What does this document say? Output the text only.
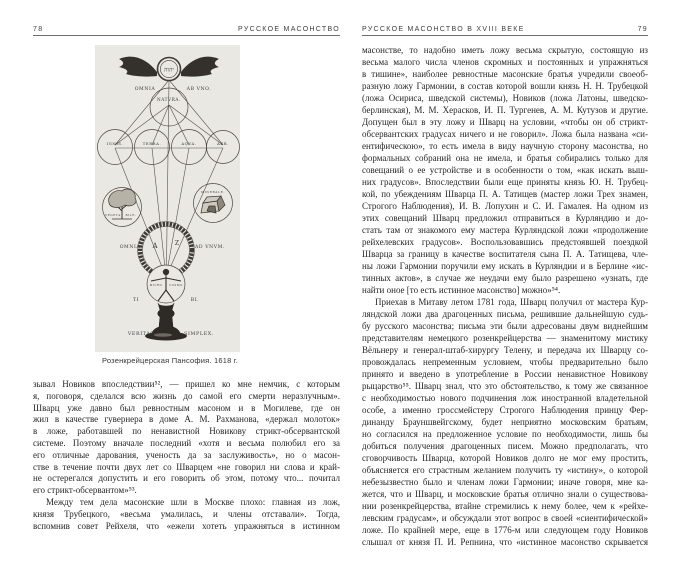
78	РУССКОЕ МАСОНСТВО
יהוה
OMNIA	AB VNO.
NATVRA.
IGNIS.	TERRA.	AQVA.	AER.
VEGETA BILE.
MINERALE.
A	Z
OMNIA	AD VNVM.
MICRO	COSMO
TI	BI.
VERITAS	SIMPLEX.
Розенкрейцерская Пансофия. 1618 г.
зывал Новиков впоследствии⁵², — пришел ко мне немчик, с которым
я, поговоря, сделался всю жизнь до самой его смерти неразлучным».
Шварц уже давно был ревностным масоном и в Могилеве, где он
жил в качестве гувернера в доме А. М. Рахманова, «держал молоток»
в ложе, работавшей по ненавистной Новикову стрикт-обсервантской
системе. Поэтому вначале последний «хотя и весьма полюбил его за
его отличные дарования, ученость да за заслуживость», но о масон-
стве в течение почти двух лет со Шварцем «не говорил ни слова и край-
не остерегался допустить и его говорить об этом, потому что... почитал
его стрикт-обсервантом»⁵³.
Между тем дела масонские шли в Москве плохо: главная из лож,
князя Трубецкого, «весьма умалилась, и члены отставали». Тогда,
вспомнив совет Рейхеля, что «ежели хотеть упражняться в истинном
РУССКОЕ МАСОНСТВО В XVIII ВЕКЕ	79
масонстве, то надобно иметь ложу весьма скрытую, состоящую из
весьма малого числа членов скромных и постоянных и упражняться
в тишине», наиболее ревностные масонские братья учредили своеоб-
разную ложу Гармонии, в состав которой вошли князь Н. Н. Трубецкой
(ложа Осириса, шведской системы), Новиков (ложа Латоны, шведско-
берлинская), М. М. Херасков, И. П. Тургенев, А. М. Кутузов и другие.
Допущен был в эту ложу и Шварц на условии, «чтобы он об стрикт-
обсервантских градусах ничего и не говорил». Ложа была названа «си-
ентифическою», то есть имела в виду научную сторону масонства, но
формальных собраний она не имела, и братья собирались только для
совещаний о ее устройстве и в особенности о том, «как искать выш-
них градусов». Впоследствии были еще приняты князь Ю. Н. Трубец-
кой, по убеждениям Шварца П. А. Татищев (мастер ложи Трех знамен,
Строгого Наблюдения), И. В. Лопухин и С. И. Гамалея. На одном из
этих совещаний Шварц предложил отправиться в Курляндию и до-
стать там от знакомого ему мастера Курляндской ложи «продолжение
рейхелевских градусов». Воспользовавшись предстоявшей поездкой
Шварца за границу в качестве воспитателя сына П. А. Татищева, чле-
ны ложи Гармонии поручили ему искать в Курляндии и в Берлине «ис-
тинных актов», в случае же неудачи ему было разрешено «узнать, где
найти оное [то есть истинное масонство] можно»⁵⁴.
Приехав в Митаву летом 1781 года, Шварц получил от мастера Кур-
ляндской ложи два драгоценных письма, решившие дальнейшую судь-
бу русского масонства; письма эти были адресованы двум виднейшим
представителям немецкого розенкрейцерства — знаменитому мистику
Вёльнеру и генерал-штаб-хирургу Телену, и передача их Шварцу со-
провождалась непременным условием, чтобы предварительно было
принято и введено в употребление в России ненавистное Новикову
рыцарство⁵⁵. Шварц знал, что это обстоятельство, к тому же связанное
с необходимостью нового подчинения лож иностранной владетельной
особе, а именно гроссмейстеру Строгого Наблюдения принцу Фер-
динанду Брауншвейгскому, будет неприятно московским братьям,
но согласился на предложенное условие по необходимости, лишь бы
добиться получения драгоценных писем. Можно предполагать, что
сговорчивость Шварца, которой Новиков долго не мог ему простить,
объясняется его страстным желанием получить ту «истину», о которой
небезызвестно было и членам ложи Гармонии; иначе говоря, мне ка-
жется, что и Шварц, и московские братья отлично знали о существова-
нии розенкрейцерства, втайне стремились к нему более, чем к «рейхе-
левским градусам», и обсуждали этот вопрос в своей «сиентифической»
ложе. По крайней мере, еще в 1776-м или следующем году Новиков
слышал от князя П. И. Репнина, что «истинное масонство скрывается
